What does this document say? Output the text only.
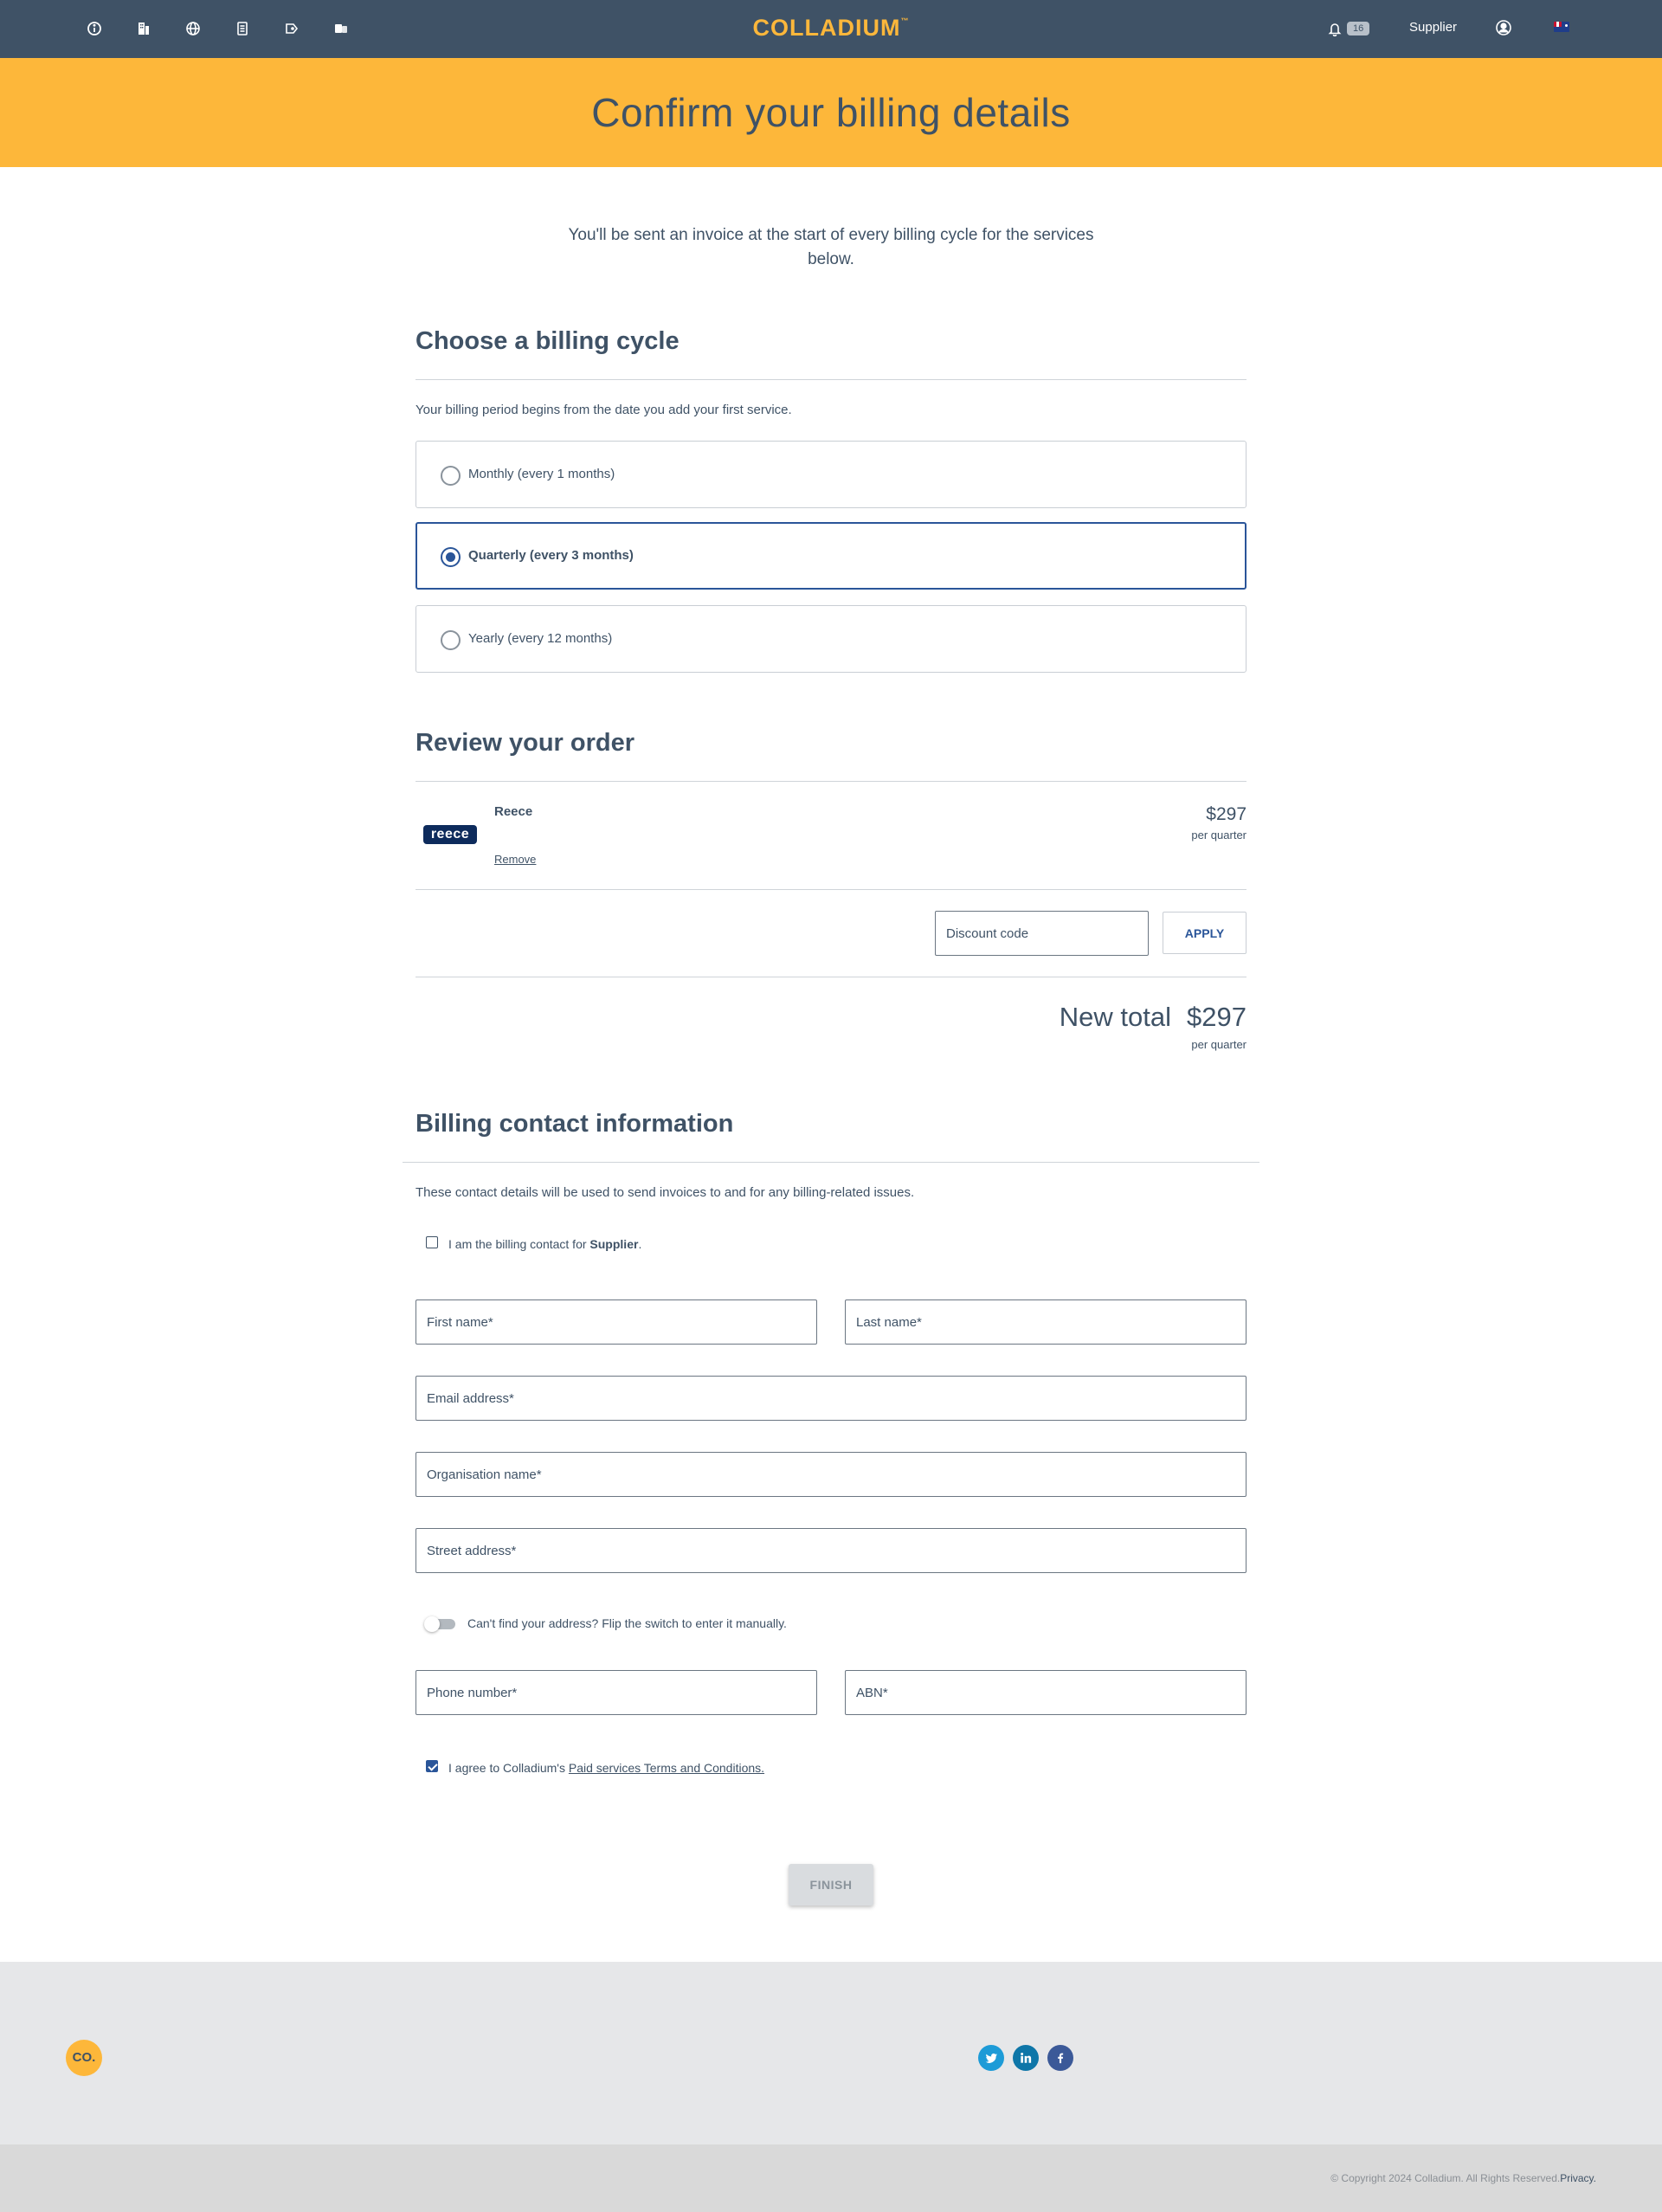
COLLADIUM™
16	Supplier
Confirm your billing details

You'll be sent an invoice at the start of every billing cycle for the services below.

Choose a billing cycle

Your billing period begins from the date you add your first service.

Monthly (every 1 months)
Quarterly (every 3 months)
Yearly (every 12 months)
Review your order
reece
Reece
Remove
$297
per quarter
Discount code
APPLY
New total $297
per quarter
Billing contact information

These contact details will be used to send invoices to and for any billing-related issues.

I am the billing contact for Supplier.
First name*
Last name*
Email address*
Organisation name*
Street address*
Can't find your address? Flip the switch to enter it manually.
Phone number*
ABN*
I agree to Colladium's Paid services Terms and Conditions.
FINISH
CO.
© Copyright 2024 Colladium. All Rights Reserved.Privacy.
